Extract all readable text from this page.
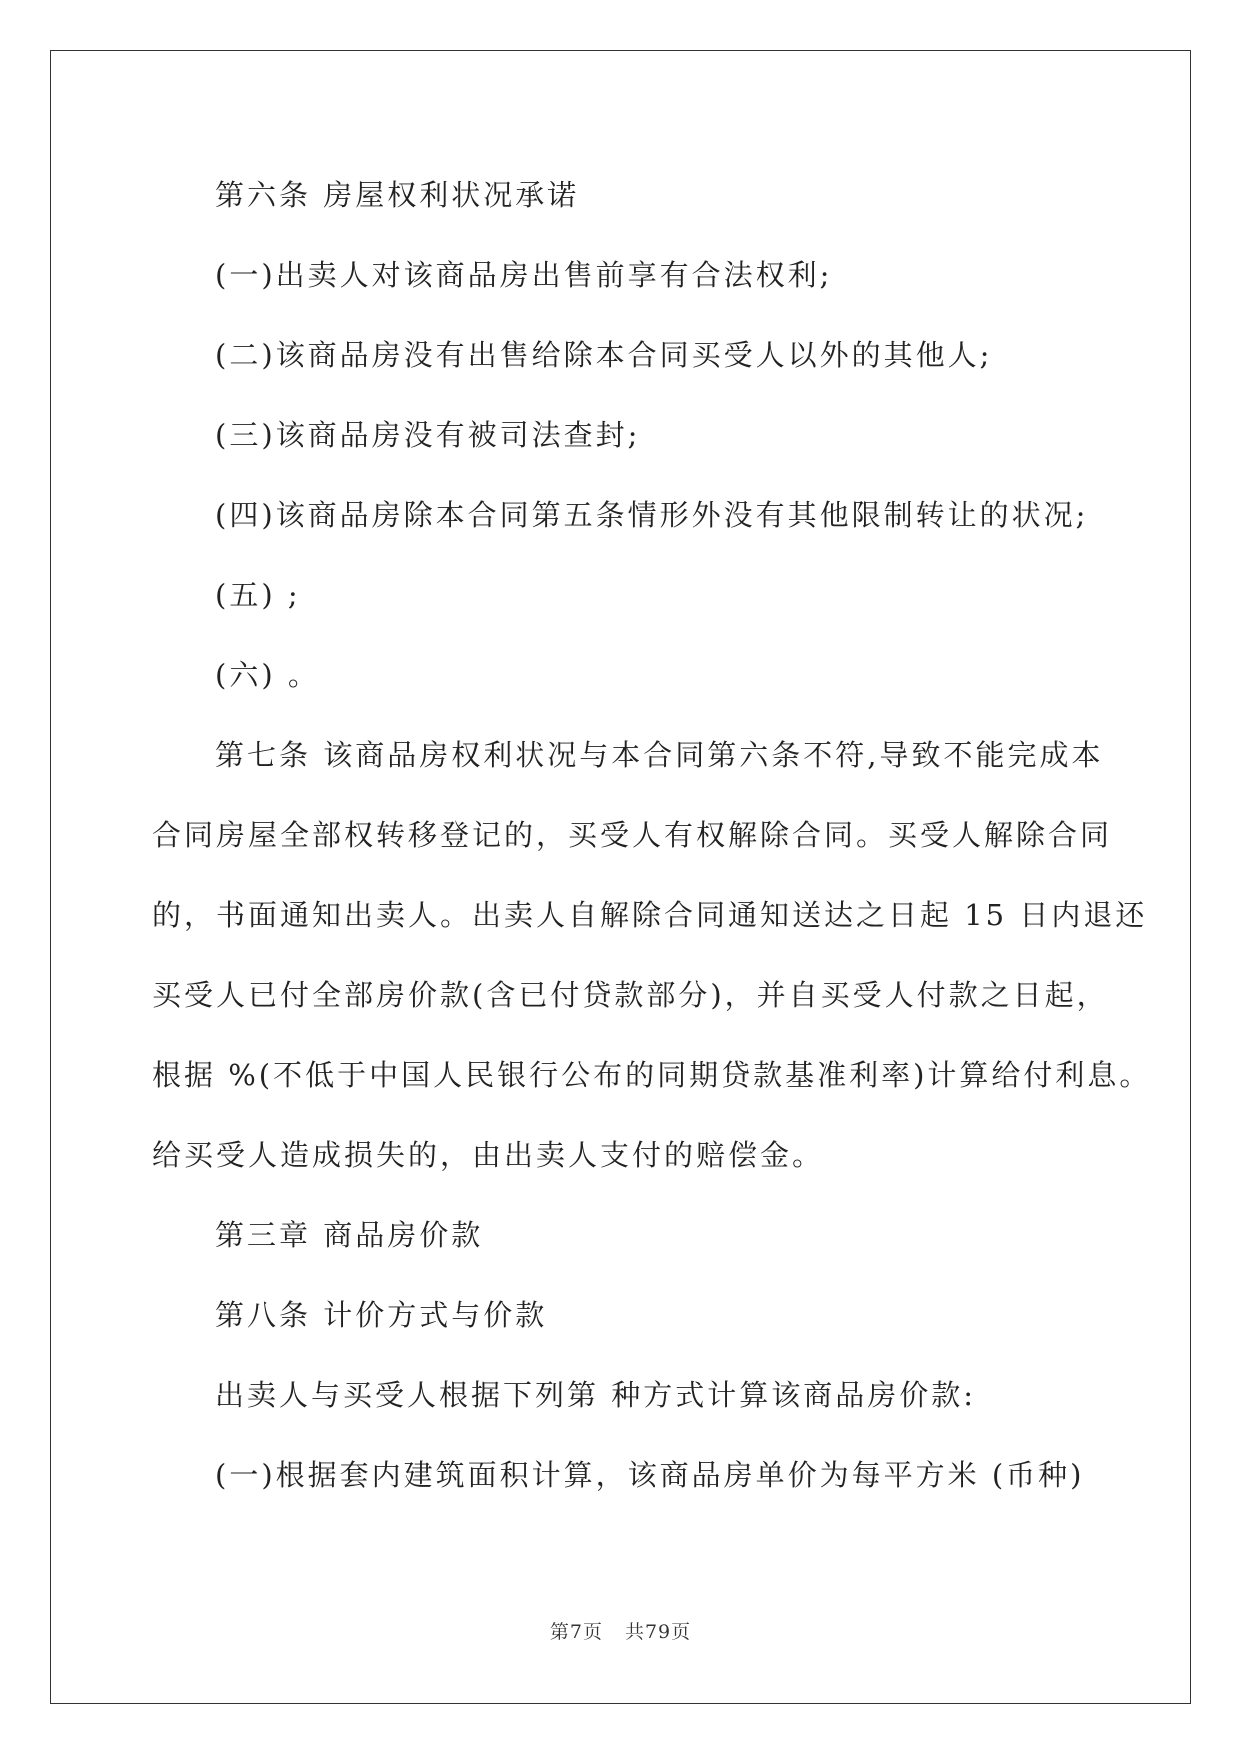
第六条 房屋权利状况承诺

(一)出卖人对该商品房出售前享有合法权利;

(二)该商品房没有出售给除本合同买受人以外的其他人;

(三)该商品房没有被司法查封;

(四)该商品房除本合同第五条情形外没有其他限制转让的状况;

(五) ;

(六) 。

第七条 该商品房权利状况与本合同第六条不符,导致不能完成本

合同房屋全部权转移登记的，买受人有权解除合同。买受人解除合同

的，书面通知出卖人。出卖人自解除合同通知送达之日起 15 日内退还

买受人已付全部房价款(含已付贷款部分)，并自买受人付款之日起，

根据 %(不低于中国人民银行公布的同期贷款基准利率)计算给付利息。

给买受人造成损失的，由出卖人支付的赔偿金。

第三章 商品房价款

第八条 计价方式与价款

出卖人与买受人根据下列第 种方式计算该商品房价款:

(一)根据套内建筑面积计算，该商品房单价为每平方米 (币种)

第7页 共79页
